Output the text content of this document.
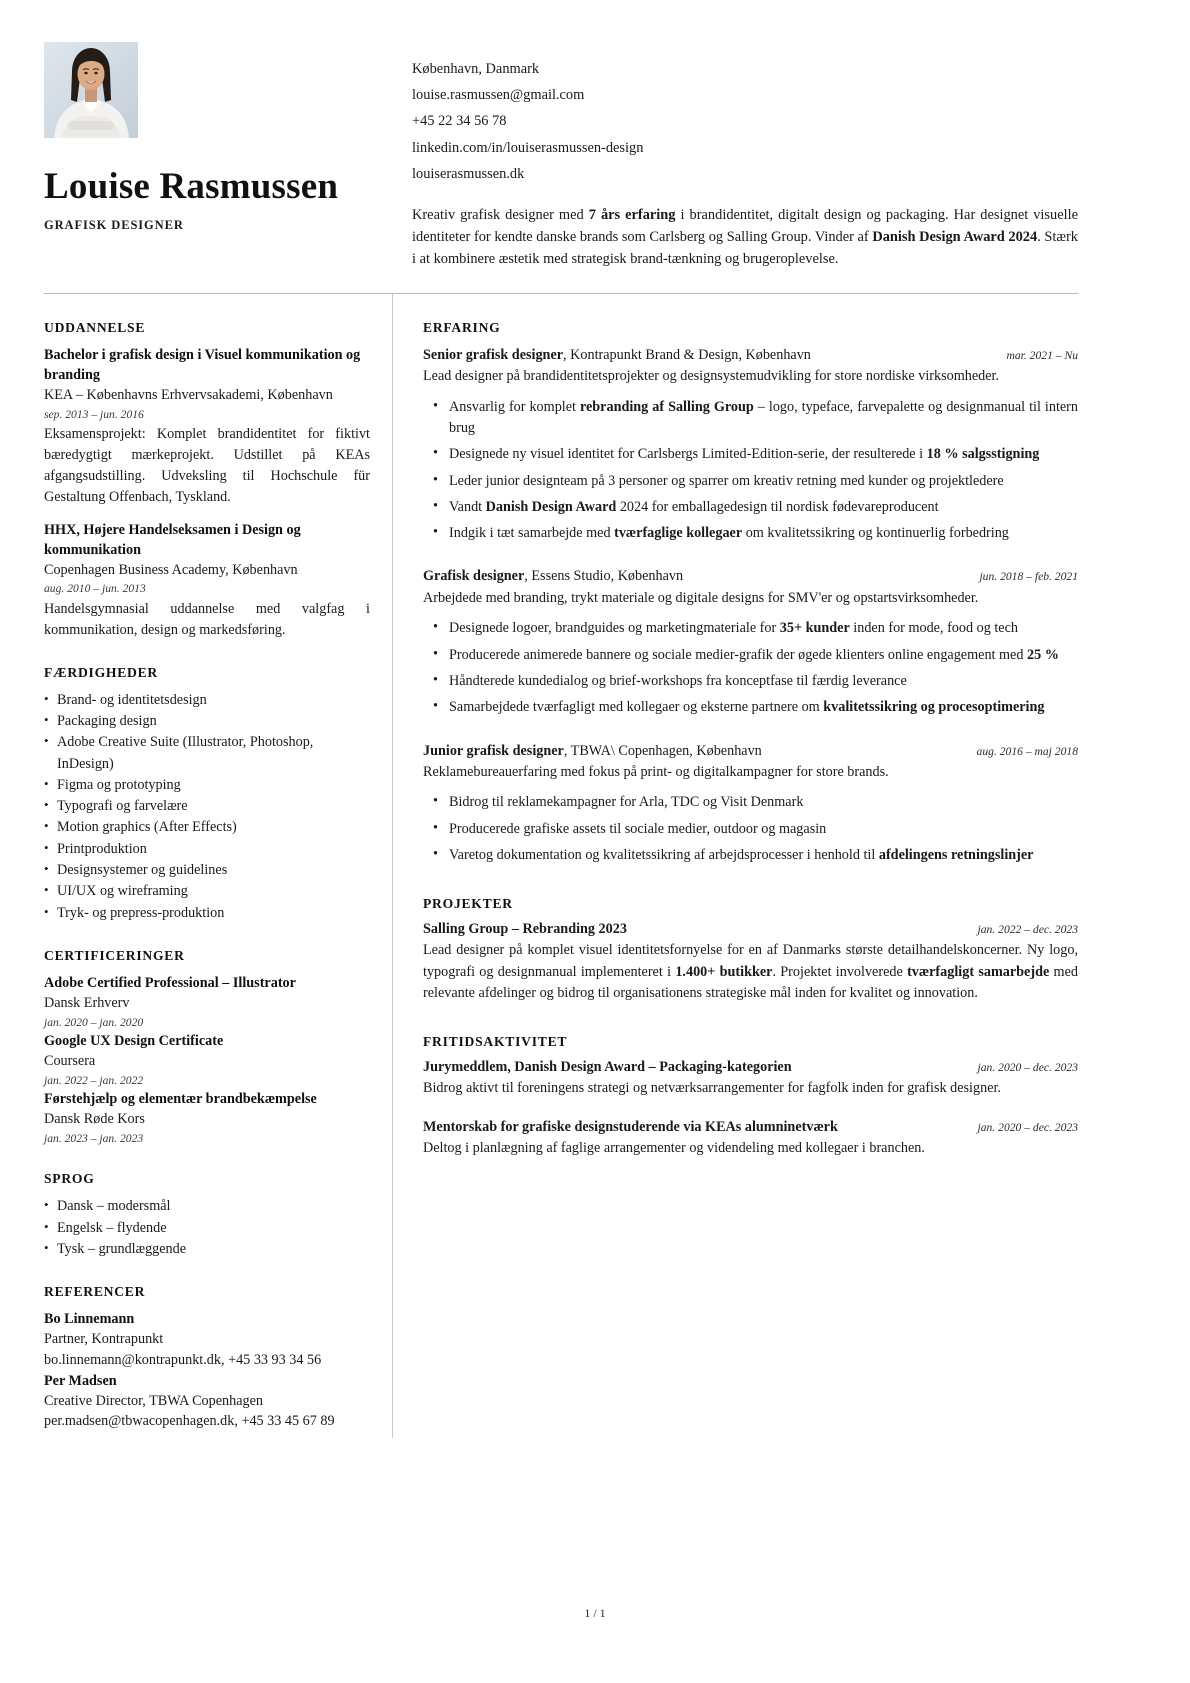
Louise Rasmussen
GRAFISK DESIGNER
København, Danmark
louise.rasmussen@gmail.com
+45 22 34 56 78
linkedin.com/in/louiserasmussen-design
louiserasmussen.dk
Kreativ grafisk designer med 7 års erfaring i brandidentitet, digitalt design og packaging. Har designet visuelle identiteter for kendte danske brands som Carlsberg og Salling Group. Vinder af Danish Design Award 2024. Stærk i at kombinere æstetik med strategisk brand-tænkning og brugeroplevelse.
UDDANNELSE
Bachelor i grafisk design i Visuel kommunikation og branding
KEA – Københavns Erhvervsakademi, København
sep. 2013 – jun. 2016
Eksamensprojekt: Komplet brandidentitet for fiktivt bæredygtigt mærkeprojekt. Udstillet på KEAs afgangsudstilling. Udveksling til Hochschule für Gestaltung Offenbach, Tyskland.
HHX, Højere Handelseksamen i Design og kommunikation
Copenhagen Business Academy, København
aug. 2010 – jun. 2013
Handelsgymnasial uddannelse med valgfag i kommunikation, design og markedsføring.
FÆRDIGHEDER
• Brand- og identitetsdesign
• Packaging design
• Adobe Creative Suite (Illustrator, Photoshop, InDesign)
• Figma og prototyping
• Typografi og farvelære
• Motion graphics (After Effects)
• Printproduktion
• Designsystemer og guidelines
• UI/UX og wireframing
• Tryk- og prepress-produktion
CERTIFICERINGER
Adobe Certified Professional – Illustrator
Dansk Erhverv
jan. 2020 – jan. 2020
Google UX Design Certificate
Coursera
jan. 2022 – jan. 2022
Førstehjælp og elementær brandbekæmpelse
Dansk Røde Kors
jan. 2023 – jan. 2023
SPROG
• Dansk – modersmål
• Engelsk – flydende
• Tysk – grundlæggende
REFERENCER
Bo Linnemann
Partner, Kontrapunkt
bo.linnemann@kontrapunkt.dk, +45 33 93 34 56
Per Madsen
Creative Director, TBWA Copenhagen
per.madsen@tbwacopenhagen.dk, +45 33 45 67 89
ERFARING
Senior grafisk designer, Kontrapunkt Brand & Design, København	mar. 2021 – Nu
Lead designer på brandidentitetsprojekter og designsystemudvikling for store nordiske virksomheder.
• Ansvarlig for komplet rebranding af Salling Group – logo, typeface, farvepalette og designmanual til intern brug
• Designede ny visuel identitet for Carlsbergs Limited-Edition-serie, der resulterede i 18 % salgsstigning
• Leder junior designteam på 3 personer og sparrer om kreativ retning med kunder og projektledere
• Vandt Danish Design Award 2024 for emballagedesign til nordisk fødevareproducent
• Indgik i tæt samarbejde med tværfaglige kollegaer om kvalitetssikring og kontinuerlig forbedring
Grafisk designer, Essens Studio, København	jun. 2018 – feb. 2021
Arbejdede med branding, trykt materiale og digitale designs for SMV'er og opstartsvirksomheder.
• Designede logoer, brandguides og marketingmateriale for 35+ kunder inden for mode, food og tech
• Producerede animerede bannere og sociale medier-grafik der øgede klienters online engagement med 25 %
• Håndterede kundedialog og brief-workshops fra konceptfase til færdig leverance
• Samarbejdede tværfagligt med kollegaer og eksterne partnere om kvalitetssikring og procesoptimering
Junior grafisk designer, TBWA\ Copenhagen, København	aug. 2016 – maj 2018
Reklamebureauerfaring med fokus på print- og digitalkampagner for store brands.
• Bidrog til reklamekampagner for Arla, TDC og Visit Denmark
• Producerede grafiske assets til sociale medier, outdoor og magasin
• Varetog dokumentation og kvalitetssikring af arbejdsprocesser i henhold til afdelingens retningslinjer
PROJEKTER
Salling Group – Rebranding 2023	jan. 2022 – dec. 2023
Lead designer på komplet visuel identitetsfornyelse for en af Danmarks største detailhandelskoncerner. Ny logo, typografi og designmanual implementeret i 1.400+ butikker. Projektet involverede tværfagligt samarbejde med relevante afdelinger og bidrog til organisationens strategiske mål inden for kvalitet og innovation.
FRITIDSAKTIVITET
Jurymeddlem, Danish Design Award – Packaging-kategorien	jan. 2020 – dec. 2023
Bidrog aktivt til foreningens strategi og netværksarrangementer for fagfolk inden for grafisk designer.
Mentorskab for grafiske designstuderende via KEAs alumninetværk	jan. 2020 – dec. 2023
Deltog i planlægning af faglige arrangementer og videndeling med kollegaer i branchen.
1 / 1
